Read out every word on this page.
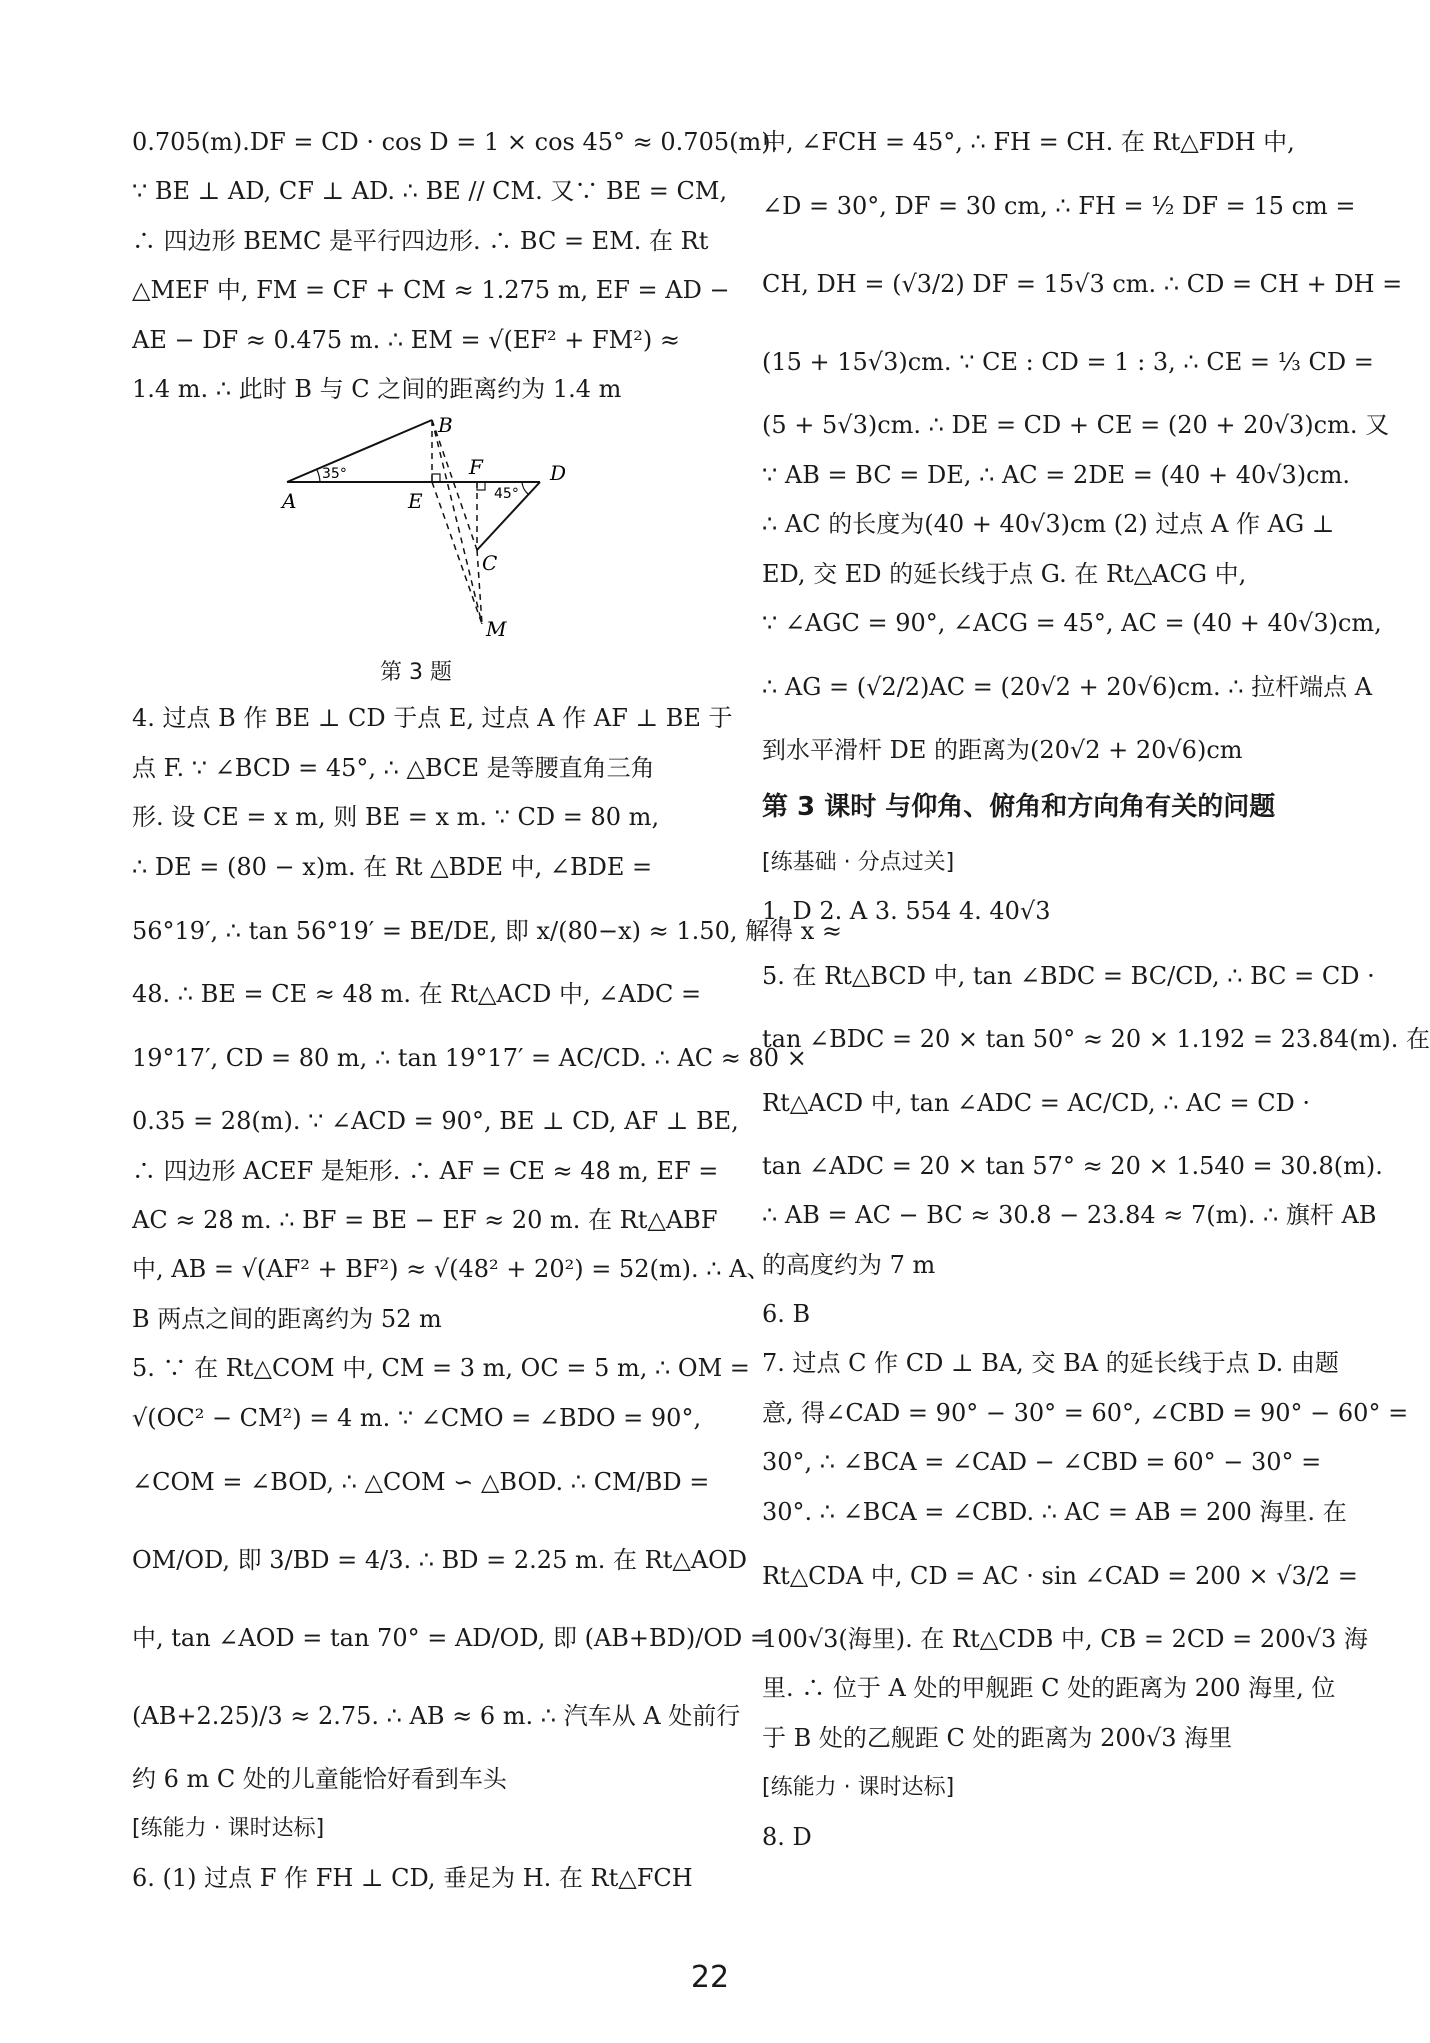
0.705(m).DF = CD · cos D = 1 × cos 45° ≈ 0.705(m).
∵ BE ⊥ AD, CF ⊥ AD. ∴ BE // CM. 又∵ BE = CM,
∴ 四边形 BEMC 是平行四边形. ∴ BC = EM. 在 Rt
△MEF 中, FM = CF + CM ≈ 1.275 m, EF = AD −
AE − DF ≈ 0.475 m. ∴ EM = √(EF² + FM²) ≈
1.4 m. ∴ 此时 B 与 C 之间的距离约为 1.4 m
35°
45°
A
B
C
D
E
F
M
第 3 题
4. 过点 B 作 BE ⊥ CD 于点 E, 过点 A 作 AF ⊥ BE 于
点 F. ∵ ∠BCD = 45°, ∴ △BCE 是等腰直角三角
形. 设 CE = x m, 则 BE = x m. ∵ CD = 80 m,
∴ DE = (80 − x)m. 在 Rt △BDE 中, ∠BDE =
56°19′, ∴ tan 56°19′ = BE/DE, 即 x/(80−x) ≈ 1.50, 解得 x ≈
48. ∴ BE = CE ≈ 48 m. 在 Rt△ACD 中, ∠ADC =
19°17′, CD = 80 m, ∴ tan 19°17′ = AC/CD. ∴ AC ≈ 80 ×
0.35 = 28(m). ∵ ∠ACD = 90°, BE ⊥ CD, AF ⊥ BE,
∴ 四边形 ACEF 是矩形. ∴ AF = CE ≈ 48 m, EF =
AC ≈ 28 m. ∴ BF = BE − EF ≈ 20 m. 在 Rt△ABF
中, AB = √(AF² + BF²) ≈ √(48² + 20²) = 52(m). ∴ A、
B 两点之间的距离约为 52 m
5. ∵ 在 Rt△COM 中, CM = 3 m, OC = 5 m, ∴ OM =
√(OC² − CM²) = 4 m. ∵ ∠CMO = ∠BDO = 90°,
∠COM = ∠BOD, ∴ △COM ∽ △BOD. ∴ CM/BD =
OM/OD, 即 3/BD = 4/3. ∴ BD = 2.25 m. 在 Rt△AOD
中, tan ∠AOD = tan 70° = AD/OD, 即 (AB+BD)/OD =
(AB+2.25)/3 ≈ 2.75. ∴ AB ≈ 6 m. ∴ 汽车从 A 处前行
约 6 m C 处的儿童能恰好看到车头
[练能力 · 课时达标]
6. (1) 过点 F 作 FH ⊥ CD, 垂足为 H. 在 Rt△FCH
中, ∠FCH = 45°, ∴ FH = CH. 在 Rt△FDH 中,
∠D = 30°, DF = 30 cm, ∴ FH = ½ DF = 15 cm =
CH, DH = (√3/2) DF = 15√3 cm. ∴ CD = CH + DH =
(15 + 15√3)cm. ∵ CE : CD = 1 : 3, ∴ CE = ⅓ CD =
(5 + 5√3)cm. ∴ DE = CD + CE = (20 + 20√3)cm. 又
∵ AB = BC = DE, ∴ AC = 2DE = (40 + 40√3)cm.
∴ AC 的长度为(40 + 40√3)cm (2) 过点 A 作 AG ⊥
ED, 交 ED 的延长线于点 G. 在 Rt△ACG 中,
∵ ∠AGC = 90°, ∠ACG = 45°, AC = (40 + 40√3)cm,
∴ AG = (√2/2)AC = (20√2 + 20√6)cm. ∴ 拉杆端点 A
到水平滑杆 DE 的距离为(20√2 + 20√6)cm
第 3 课时 与仰角、俯角和方向角有关的问题
[练基础 · 分点过关]
1. D 2. A 3. 554 4. 40√3
5. 在 Rt△BCD 中, tan ∠BDC = BC/CD, ∴ BC = CD ·
tan ∠BDC = 20 × tan 50° ≈ 20 × 1.192 = 23.84(m). 在
Rt△ACD 中, tan ∠ADC = AC/CD, ∴ AC = CD ·
tan ∠ADC = 20 × tan 57° ≈ 20 × 1.540 = 30.8(m).
∴ AB = AC − BC ≈ 30.8 − 23.84 ≈ 7(m). ∴ 旗杆 AB
的高度约为 7 m
6. B
7. 过点 C 作 CD ⊥ BA, 交 BA 的延长线于点 D. 由题
意, 得∠CAD = 90° − 30° = 60°, ∠CBD = 90° − 60° =
30°, ∴ ∠BCA = ∠CAD − ∠CBD = 60° − 30° =
30°. ∴ ∠BCA = ∠CBD. ∴ AC = AB = 200 海里. 在
Rt△CDA 中, CD = AC · sin ∠CAD = 200 × √3/2 =
100√3(海里). 在 Rt△CDB 中, CB = 2CD = 200√3 海
里. ∴ 位于 A 处的甲舰距 C 处的距离为 200 海里, 位
于 B 处的乙舰距 C 处的距离为 200√3 海里
[练能力 · 课时达标]
8. D
22
